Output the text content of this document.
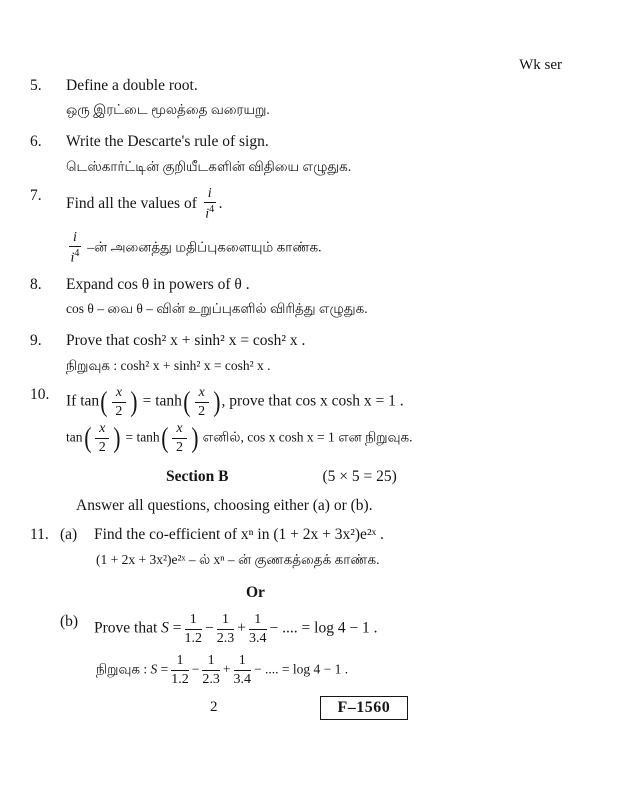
Wk ser
5. Define a double root.
ஒரு இரட்டை மூலத்தை வரையறு.
6. Write the Descarte's rule of sign.
டெஸ்கார்ட்டின் குறியீடகளின் விதியை எழுதுக.
7. Find all the values of $\frac{i}{i^4}$ .
$\frac{i}{i^4}$ –ன் அனைத்து மதிப்புகளையும் காண்க.
8. Expand cos θ in powers of θ .
cos θ – வை θ – வின் உறுப்புகளில் விரித்து எழுதுக.
9. Prove that cosh² x + sinh² x = cosh² x .
நிறுவுக : cosh² x + sinh² x = cosh² x .
10. If $\tan( \frac{x}{2}$ ) = $\tanh( \frac{x}{2}$ ), prove that cos x cosh x = 1 .
$\tan( \frac{x}{2}$ ) = $\tanh( \frac{x}{2}$ ) எனில், cos x cosh x = 1 என நிறுவுக.
Section B	(5 × 5 = 25)
Answer all questions, choosing either (a) or (b).
11. (a) Find the co-efficient of xⁿ in (1 + 2x + 3x²)e²ˣ .
(1 + 2x + 3x²)e²ˣ – ல் xⁿ – ன் குணகத்தைக் காண்க.
Or
(b) Prove that $S = \frac{1}{1.2} - \frac{1}{2.3} + \frac{1}{3.4}$ − .... = log 4 − 1 .
நிறுவுக : $S = \frac{1}{1.2} - \frac{1}{2.3} + \frac{1}{3.4}$ − .... = log 4 − 1 .
2	F–1560
